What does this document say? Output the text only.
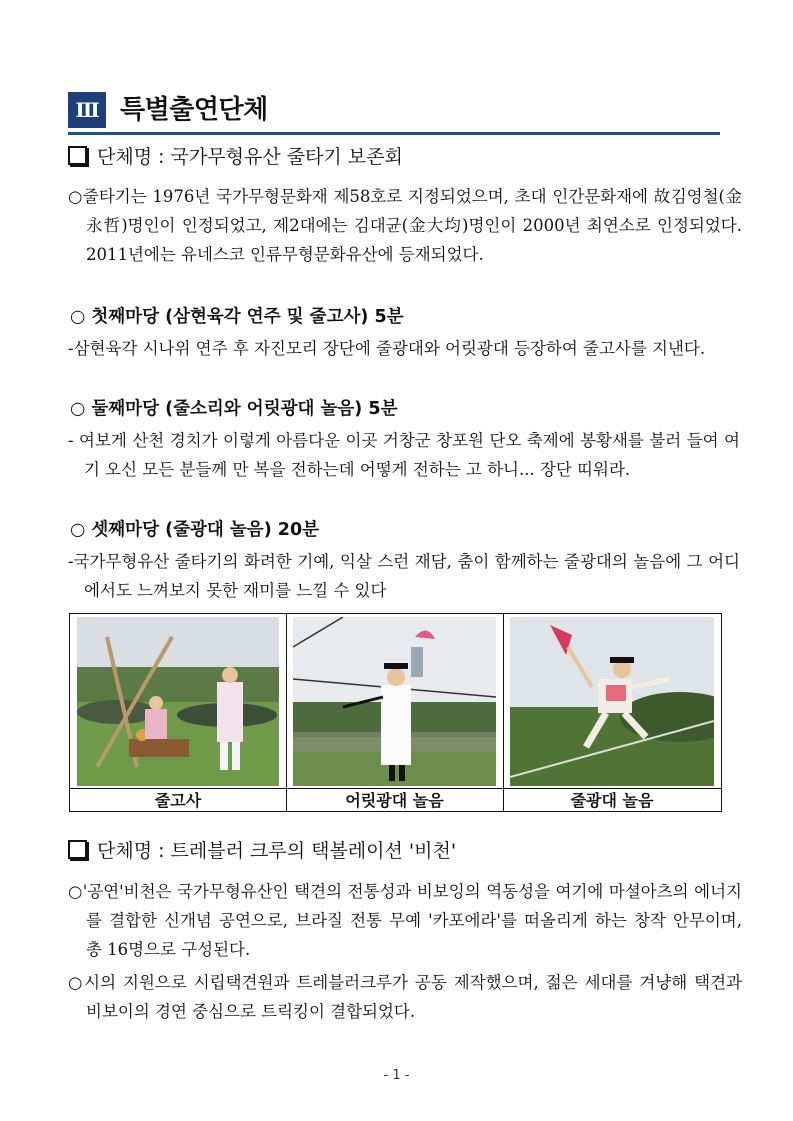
Ⅲ 특별출연단체
단체명 : 국가무형유산 줄타기 보존회
○줄타기는 1976년 국가무형문화재 제58호로 지정되었으며, 초대 인간문화재에 故김영철(金永哲)명인이 인정되었고, 제2대에는 김대균(金大均)명인이 2000년 최연소로 인정되었다. 2011년에는 유네스코 인류무형문화유산에 등재되었다.
○ 첫째마당 (삼현육각 연주 및 줄고사) 5분
-삼현육각 시나위 연주 후 자진모리 장단에 줄광대와 어릿광대 등장하여 줄고사를 지낸다.
○ 둘째마당 (줄소리와 어릿광대 놀음) 5분
- 여보게 산천 경치가 이렇게 아름다운 이곳 거창군 창포원 단오 축제에 봉황새를 불러 들여 여기 오신 모든 분들께 만 복을 전하는데 어떻게 전하는 고 하니... 장단 띠워라.
○ 셋째마당 (줄광대 놀음) 20분
-국가무형유산 줄타기의 화려한 기예, 익살 스런 재담, 춤이 함께하는 줄광대의 놀음에 그 어디에서도 느껴보지 못한 재미를 느낄 수 있다
줄고사	어릿광대 놀음	줄광대 놀음
단체명 : 트레블러 크루의 택볼레이션 '비천'
○'공연'비천은 국가무형유산인 택견의 전통성과 비보잉의 역동성을 여기에 마셜아츠의 에너지를 결합한 신개념 공연으로, 브라질 전통 무예 '카포에라'를 떠올리게 하는 창작 안무이며, 총 16명으로 구성된다.
○시의 지원으로 시립택견원과 트레블러크루가 공동 제작했으며, 젊은 세대를 겨냥해 택견과 비보이의 경연 중심으로 트릭킹이 결합되었다.
- 1 -
